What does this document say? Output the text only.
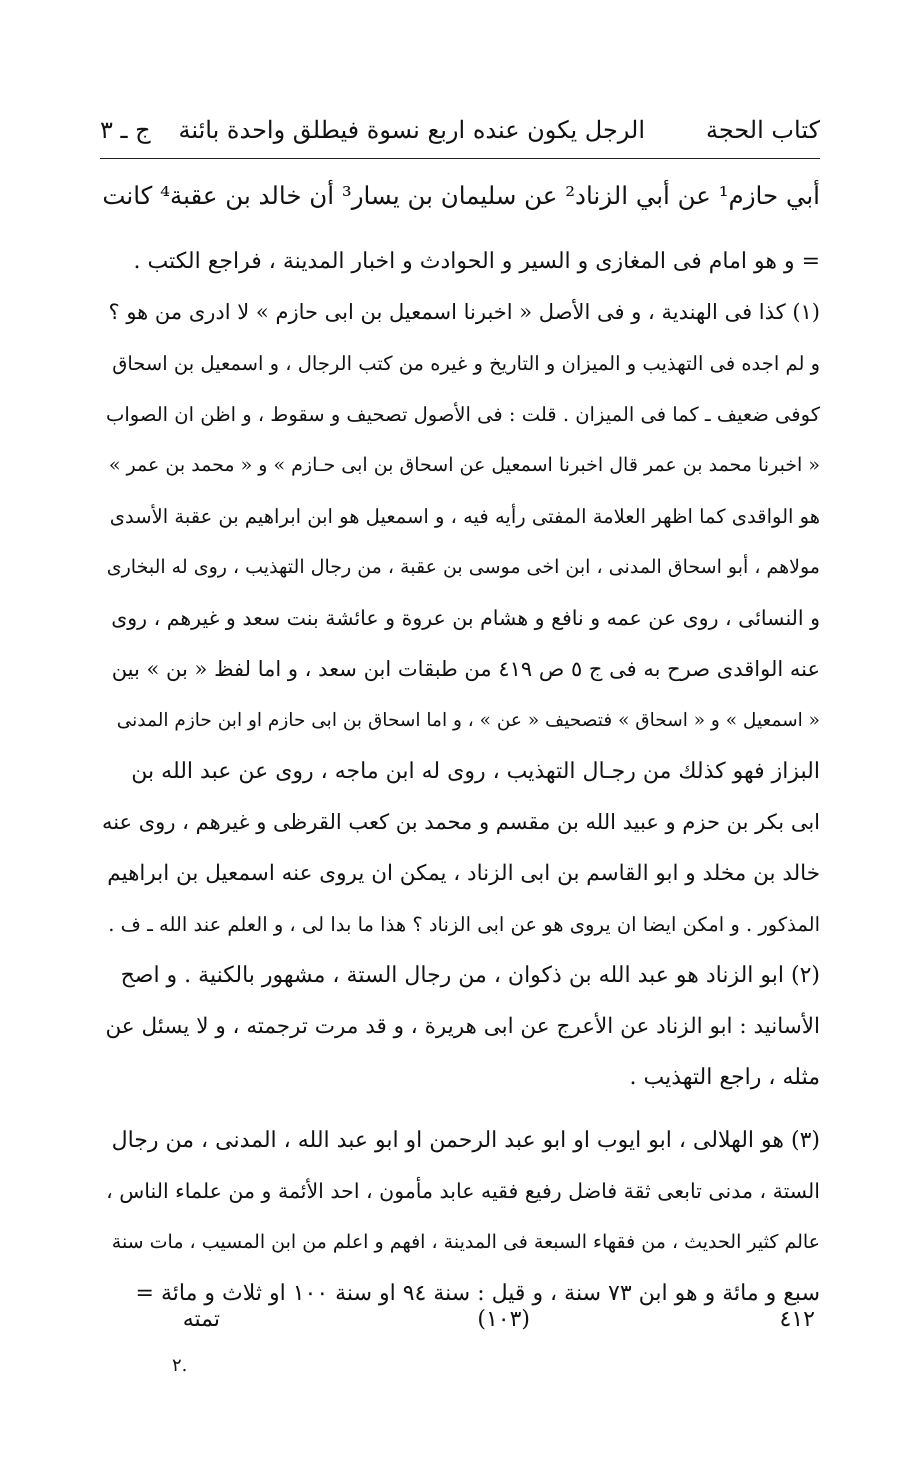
كتاب الحجة
الرجل يكون عنده اربع نسوة فيطلق واحدة بائنة
ج ـ ٣
أبي حازم¹ عن أبي الزناد² عن سليمان بن يسار³ أن خالد بن عقبة⁴ كانت
= و هو امام فى المغازى و السير و الحوادث و اخبار المدينة ، فراجع الكتب .
(١) كذا فى الهندية ، و فى الأصل « اخبرنا اسمعيل بن ابى حازم » لا ادرى من هو ؟
و لم اجده فى التهذيب و الميزان و التاريخ و غيره من كتب الرجال ، و اسمعيل بن اسحاق
كوفى ضعيف ـ كما فى الميزان . قلت : فى الأصول تصحيف و سقوط ، و اظن ان الصواب
« اخبرنا محمد بن عمر قال اخبرنا اسمعيل عن اسحاق بن ابى حـازم » و « محمد بن عمر »
هو الواقدى كما اظهر العلامة المفتى رأيه فيه ، و اسمعيل هو ابن ابراهيم بن عقبة الأسدى
مولاهم ، أبو اسحاق المدنى ، ابن اخى موسى بن عقبة ، من رجال التهذيب ، روى له البخارى
و النسائى ، روى عن عمه و نافع و هشام بن عروة و عائشة بنت سعد و غيرهم ، روى
عنه الواقدى صرح به فى ج ٥ ص ٤١٩ من طبقات ابن سعد ، و اما لفظ « بن » بين
« اسمعيل » و « اسحاق » فتصحيف « عن » ، و اما اسحاق بن ابى حازم او ابن حازم المدنى
البزاز فهو كذلك من رجـال التهذيب ، روى له ابن ماجه ، روى عن عبد الله بن
ابى بكر بن حزم و عبيد الله بن مقسم و محمد بن كعب القرظى و غيرهم ، روى عنه
خالد بن مخلد و ابو القاسم بن ابى الزناد ، يمكن ان يروى عنه اسمعيل بن ابراهيم
المذكور . و امكن ايضا ان يروى هو عن ابى الزناد ؟ هذا ما بدا لى ، و العلم عند الله ـ ف .
(٢) ابو الزناد هو عبد الله بن ذكوان ، من رجال الستة ، مشهور بالكنية . و اصح
الأسانيد : ابو الزناد عن الأعرج عن ابى هريرة ، و قد مرت ترجمته ، و لا يسئل عن
مثله ، راجع التهذيب .
(٣) هو الهلالى ، ابو ايوب او ابو عبد الرحمن او ابو عبد الله ، المدنى ، من رجال
الستة ، مدنى تابعى ثقة فاضل رفيع فقيه عابد مأمون ، احد الأئمة و من علماء الناس ،
عالم كثير الحديث ، من فقهاء السبعة فى المدينة ، افهم و اعلم من ابن المسيب ، مات سنة
سبع و مائة و هو ابن ٧٣ سنة ، و قيل : سنة ٩٤ او سنة ١٠٠ او ثلاث و مائة =
٤١٢
(١٠٣)
تمته
٢.
